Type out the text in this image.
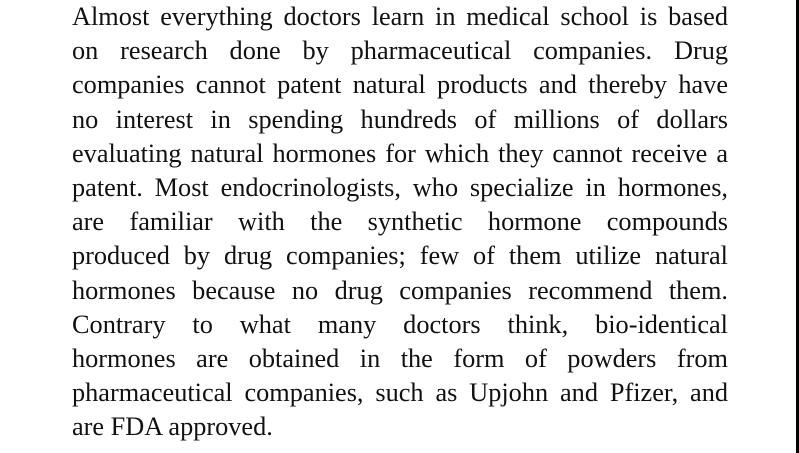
Almost everything doctors learn in medical school is based
on research done by pharmaceutical companies. Drug
companies cannot patent natural products and thereby have
no interest in spending hundreds of millions of dollars
evaluating natural hormones for which they cannot receive a
patent. Most endocrinologists, who specialize in hormones,
are familiar with the synthetic hormone compounds
produced by drug companies; few of them utilize natural
hormones because no drug companies recommend them.
Contrary to what many doctors think, bio-identical
hormones are obtained in the form of powders from
pharmaceutical companies, such as Upjohn and Pfizer, and
are FDA approved.
